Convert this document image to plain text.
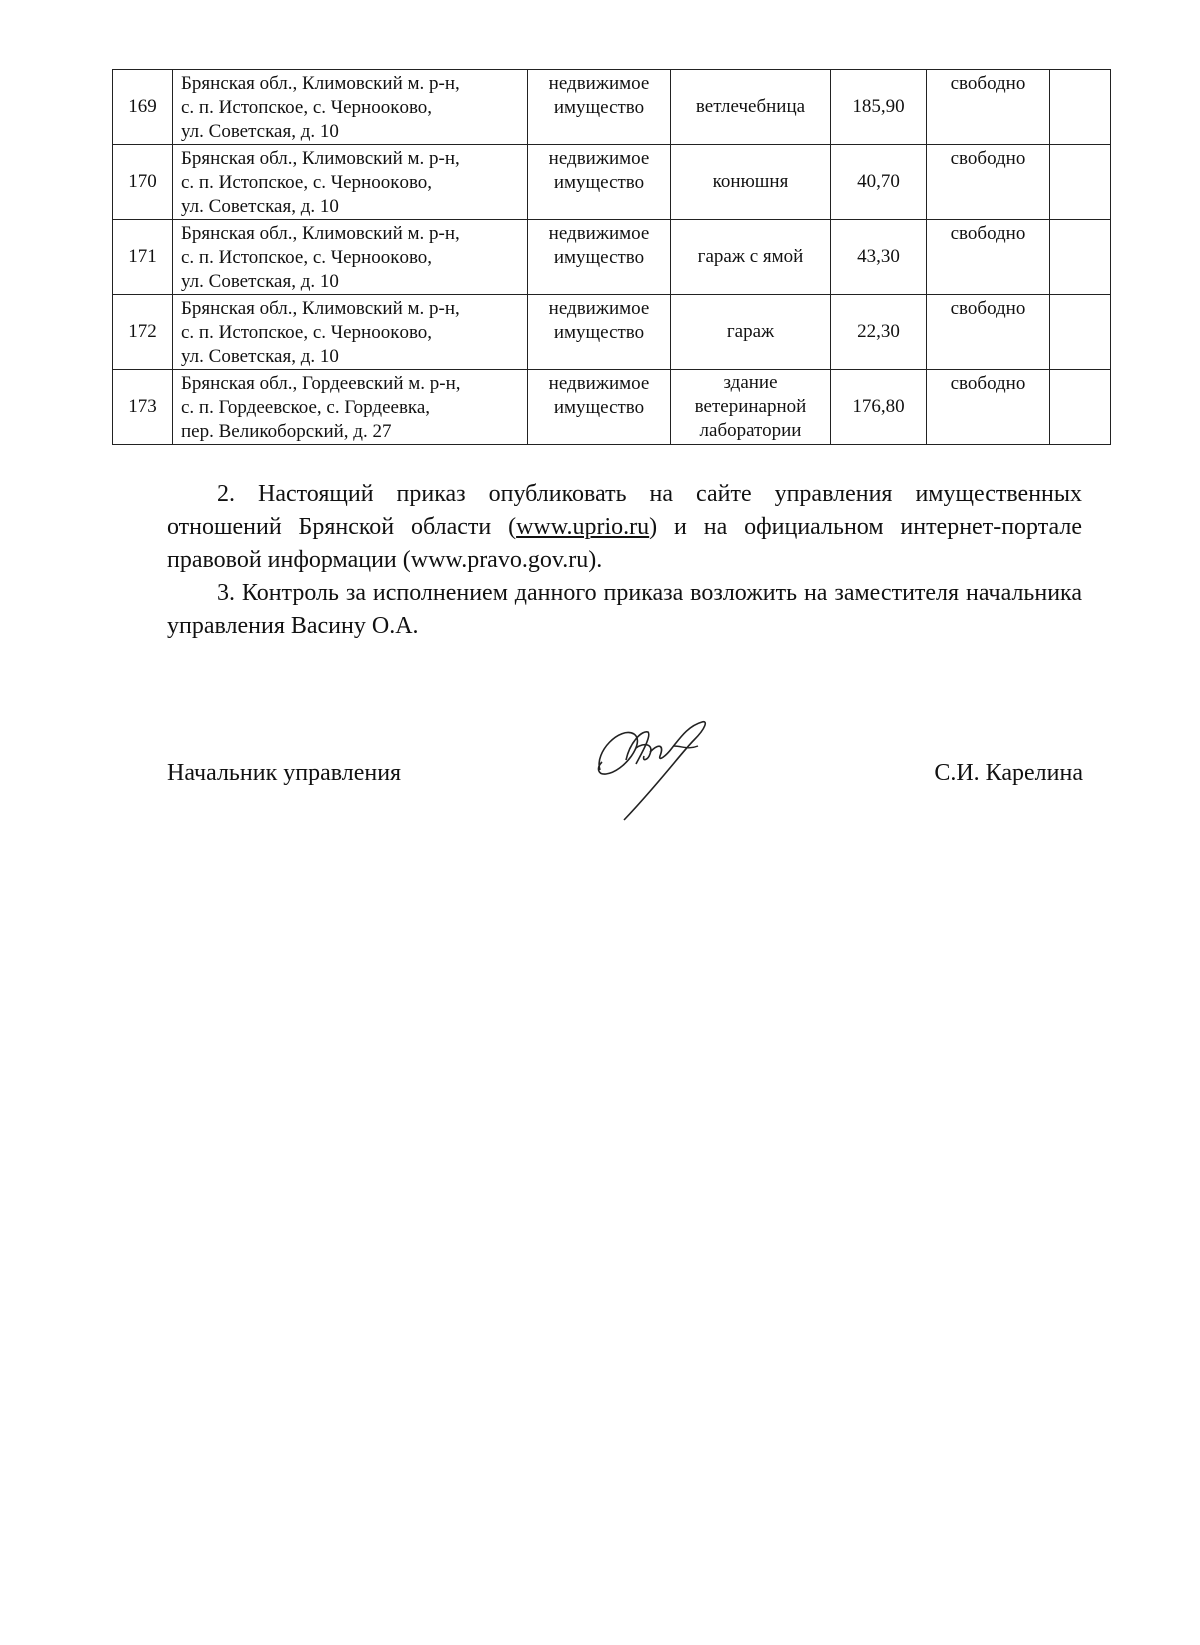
169	Брянская обл., Климовский м. р-н,
с. п. Истопское, с. Черноокoво,
ул. Советская, д. 10	недвижимое
имущество	ветлечебница	185,90	свободно	
170	Брянская обл., Климовский м. р-н,
с. п. Истопское, с. Черноокoво,
ул. Советская, д. 10	недвижимое
имущество	конюшня	40,70	свободно	
171	Брянская обл., Климовский м. р-н,
с. п. Истопское, с. Черноокoво,
ул. Советская, д. 10	недвижимое
имущество	гараж с ямой	43,30	свободно	
172	Брянская обл., Климовский м. р-н,
с. п. Истопское, с. Черноокoво,
ул. Советская, д. 10	недвижимое
имущество	гараж	22,30	свободно	
173	Брянская обл., Гордеевский м. р-н,
с. п. Гордеевское, с. Гордеевка,
пер. Великоборский, д. 27	недвижимое
имущество	здание
ветеринарной
лаборатории	176,80	свободно	
2. Настоящий приказ опубликовать на сайте управления имущественных отношений Брянской области (www.uprio.ru) и на официальном интернет-портале правовой информации (www.pravo.gov.ru).
3. Контроль за исполнением данного приказа возложить на заместителя начальника управления Васину О.А.
Начальник управления	С.И. Карелина
